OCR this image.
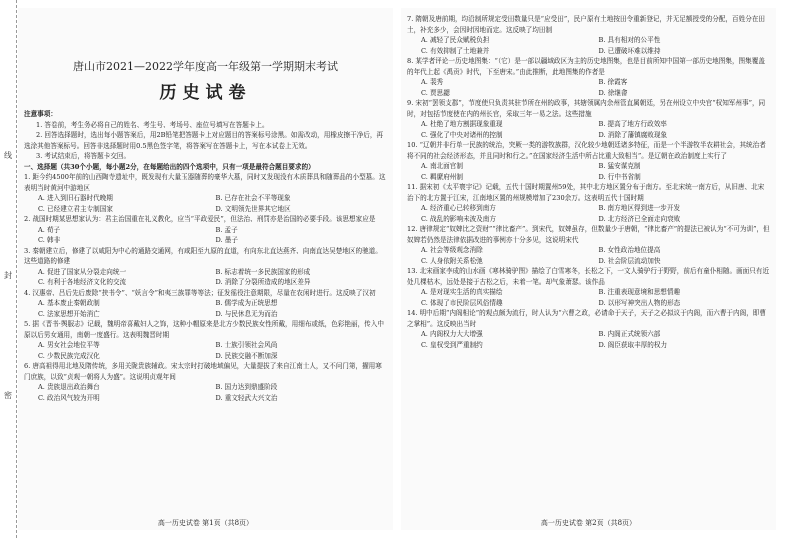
线
封
密
唐山市2021—2022学年度高一年级第一学期期末考试
历史试卷
注意事项：
1. 答卷前，考生务必将自己的姓名、考生号、考场号、座位号填写在答题卡上。
2. 回答选择题时，选出每小题答案后，用2B铅笔把答题卡上对应题目的答案标号涂黑。如需改动，用橡皮擦干净后，再选涂其他答案标号。回答非选择题时用0.5黑色签字笔，将答案写在答题卡上，写在本试卷上无效。
3. 考试结束后，将答题卡交回。
一、选择题（共30个小题，每小题2分，在每题给出的四个选项中，只有一项是最符合题目要求的）
1. 距今约4500年前的山西陶寺遗址中，既发现有大量玉器随葬的豪华大墓，同时又发现没有木质葬具和随葬品的小型墓。这表明当时黄河中游地区
A. 进入到旧石器时代晚期	B. 已存在社会不平等现象
C. 已经建立君主专制国家	D. 文明领先世界其它地区
2. 战国时期某思想家认为：君主治国重在礼义教化，应当“平政爱民”，但法治、刑罚亦是治国的必要手段。该思想家应是
A. 荀子	B. 孟子
C. 韩非	D. 墨子
3. 秦朝建立后，修建了以咸阳为中心的通路交通网，有咸阳至九原的直道，有向东北直达燕齐、向南直达吴楚地区的驰道。这些道路的修建
A. 促进了国家从分裂走向统一	B. 标志着统一多民族国家的形成
C. 有利于各地经济文化的交流	D. 消除了分裂所造成的地区差异
4. 汉惠帝、吕后先后废除“挟书令”、“妖言令”和夷三族罪等等法；征发徭役注意期限，尽量在农闲时进行。这反映了汉初
A. 基本废止秦朝政制	B. 儒学成为正统思想
C. 法家思想开始消亡	D. 与民休息无为而治
5. 据《晋书·舆服志》记载，魏明帝喜戴妇人之饰，这种小帽原来是北方少数民族女性所戴，用细布或纸，色彩艳丽，传入中原以后男女通用，南朝一度盛行。这表明魏晋时期
A. 男女社会地位平等	B. 士族引领社会风尚
C. 少数民族完成汉化	D. 民族交融不断加深
6. 唐高祖得用北地及隋传统，多用关陇贵族辅政。宋太宗时打破地域偏见，大量提拔了来自江南士人，又不问门第，擢用寒门庶族，以致“贞观一朝将人为盛”。这说明贞观年间
A. 贵族退出政治舞台	B. 国力达到鼎盛阶段
C. 政治风气较为开明	D. 重文轻武大兴文治
高一历史试卷 第1页（共8页）
7. 隋朝及唐前期，均沿制所规定受田数量只是“应受田”，民户原有土地按田令重新登记，并无足额授受的分配，百姓分在田土，补充多少，会因时因地而定。这反映了均田制
A. 减轻了民众赋税负担	B. 具有相对的公平性
C. 有效抑制了土地兼并	D. 已遭破坏难以维持
8. 某学者评论一历史地图集：“（它）是一部以疆域政区为主的历史地图集，也是目前所知中国第一部历史地图集，图集覆盖的年代上起《禹贡》时代，下至唐宋。”由此推断，此地图集的作者是
A. 裴秀	B. 徐霞客
C. 贾思勰	D. 徐继畬
9. 宋初“罢领支郡”，节度使只负责其驻节所在州的政事，其辖领属内余州管直属朝廷，另在州设立中央官“权知军州事”，同时，对包括节度使在内的州长官，采取三年一易之法。这些措施
A. 杜绝了地方割据现象重现	B. 提高了地方行政效率
C. 强化了中央对诸州的控制	D. 消除了藩镇腐败现象
10. “辽朝并非行单一民族的统治，突厥一类的游牧族群，汉化较少地朝廷诸多特征，而是一个半游牧半农耕社会，其统治者将不同的社会经济形态，并且同时和行之。”在国家经济生活中所占比重大致相当”。是辽朝在政治制度上实行了
A. 南北面官制	B. 猛安谋克制
C. 羁縻府州制	D. 行中书省制
11. 据宋初《太平寰宇记》记载，五代十国时期置州59处，其中北方地区置分布于南方。至北宋统一南方后，从旧唐、北宋治下的北方置于江宋，江南地区置的州规模增加了230余万。这表明五代十国时期
A. 经济重心已转移到南方	B. 南方地区得到进一步开发
C. 战乱的影响未波及南方	D. 北方经济已全面走向衰败
12. 唐律规定“奴婢比之资财”“律比畜产”。到宋代，奴婢虽存，但数量少于唐朝，“律比畜产”的提法已被认为“不可为训”，但奴婢若仍然是法律依据改进的事例亦十分多见，这说明宋代
A. 社会等级观念消除	B. 女性政治地位提高
C. 人身依附关系松弛	D. 社会阶层流动加快
13. 北宋画家李成的山水画《寒林骑驴图》描绘了白雪寒冬，长松之下，一文人骑驴行于野野，前后有童仆相随。画面只有近处几棵枯木，远处是接于古松之后，未着一笔。却气象萧瑟。该作品
A. 是对现实生活的真实描绘	B. 注重表现意境和思想情趣
C. 体现了市民阶层风俗情趣	D. 以形写神突出人物的形态
14. 明中后期“内阁相论”的观点颇为流行，时人认为“六曹之政，必请命于天子，天子之必拟议于内阁，而六曹于内阁，即曹之掌相”。这反映出当时
A. 内阁权力大大增强	B. 内阁正式统领六部
C. 皇权受到严重制约	D. 阁臣获取丰厚的权力
高一历史试卷 第2页（共8页）
